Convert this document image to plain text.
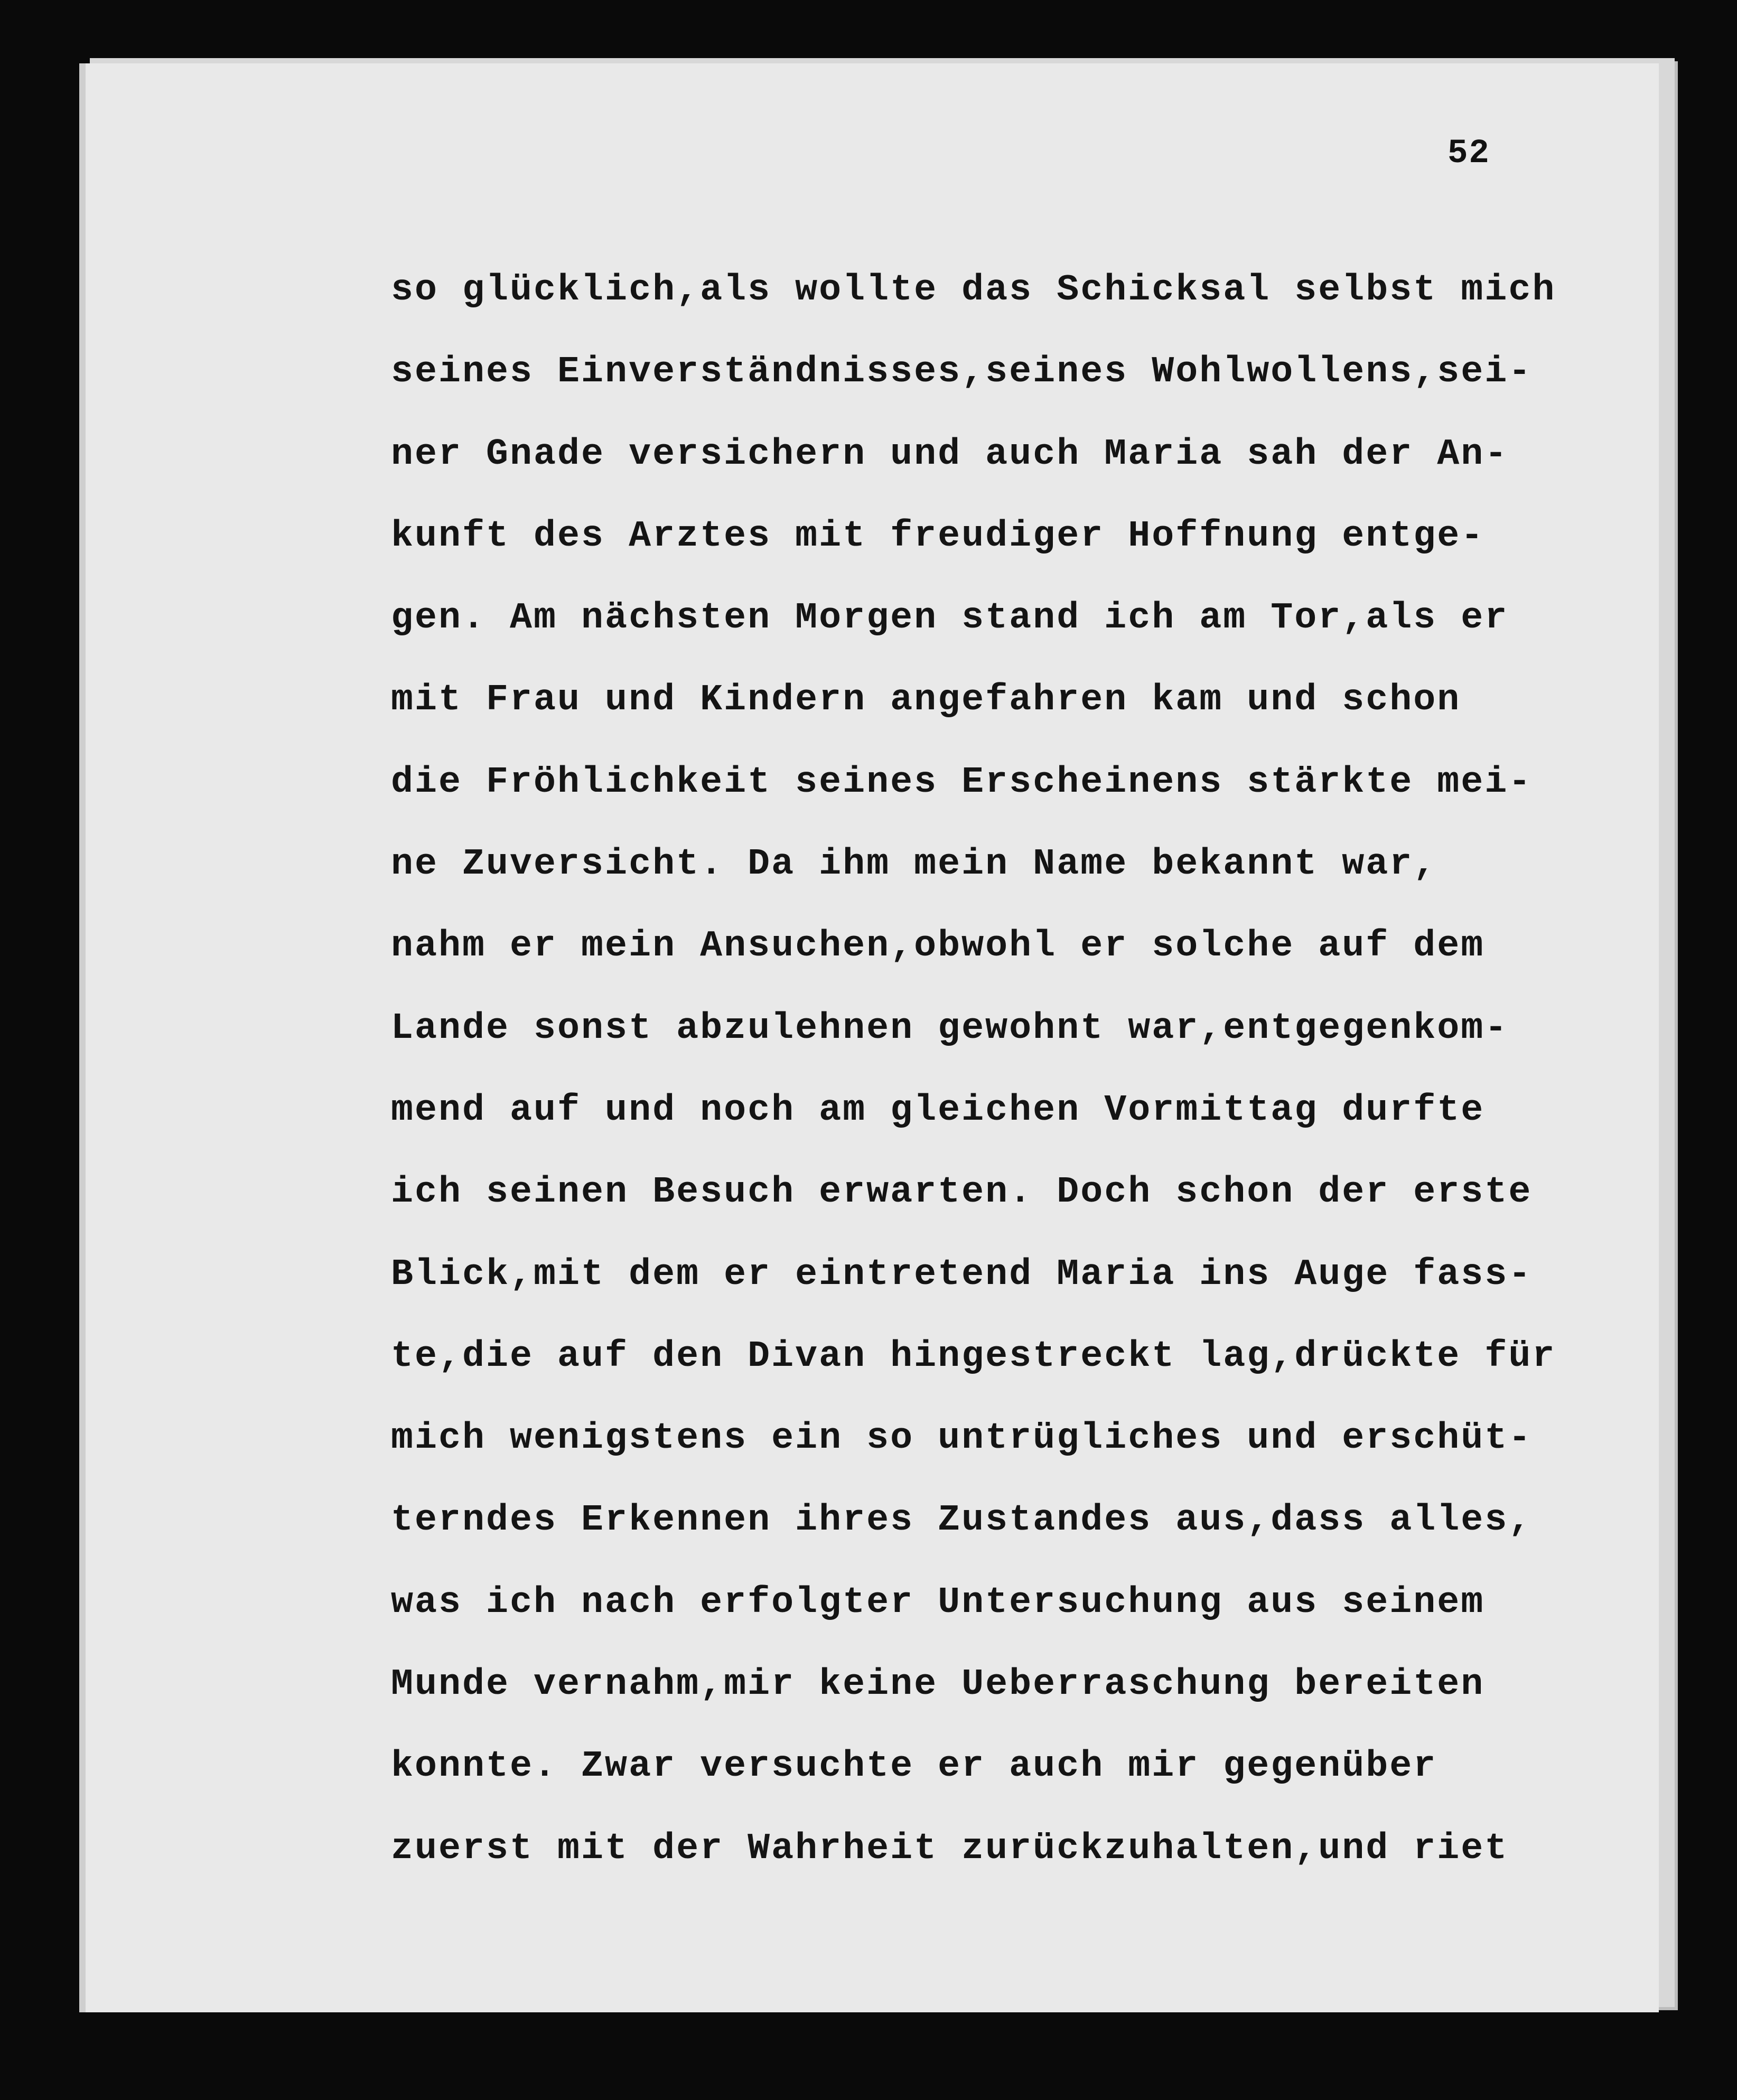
52
so glücklich,als wollte das Schicksal selbst mich
seines Einverständnisses,seines Wohlwollens,sei-
ner Gnade versichern und auch Maria sah der An-
kunft des Arztes mit freudiger Hoffnung entge-
gen. Am nächsten Morgen stand ich am Tor,als er
mit Frau und Kindern angefahren kam und schon
die Fröhlichkeit seines Erscheinens stärkte mei-
ne Zuversicht. Da ihm mein Name bekannt war,
nahm er mein Ansuchen,obwohl er solche auf dem
Lande sonst abzulehnen gewohnt war,entgegenkom-
mend auf und noch am gleichen Vormittag durfte
ich seinen Besuch erwarten. Doch schon der erste
Blick,mit dem er eintretend Maria ins Auge fass-
te,die auf den Divan hingestreckt lag,drückte für
mich wenigstens ein so untrügliches und erschüt-
terndes Erkennen ihres Zustandes aus,dass alles,
was ich nach erfolgter Untersuchung aus seinem
Munde vernahm,mir keine Ueberraschung bereiten
konnte. Zwar versuchte er auch mir gegenüber
zuerst mit der Wahrheit zurückzuhalten,und riet
